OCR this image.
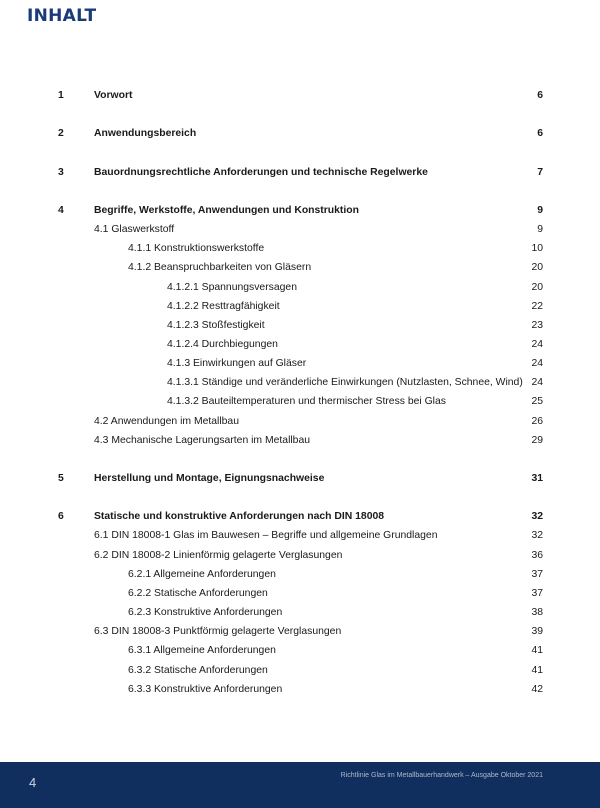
INHALT
1	Vorwort	6
2	Anwendungsbereich	6
3	Bauordnungsrechtliche Anforderungen und technische Regelwerke	7
4	Begriffe, Werkstoffe, Anwendungen und Konstruktion	9
4.1 Glaswerkstoff	9
4.1.1 Konstruktionswerkstoffe	10
4.1.2 Beanspruchbarkeiten von Gläsern	20
4.1.2.1 Spannungsversagen	20
4.1.2.2 Resttragfähigkeit	22
4.1.2.3 Stoßfestigkeit	23
4.1.2.4 Durchbiegungen	24
4.1.3 Einwirkungen auf Gläser	24
4.1.3.1 Ständige und veränderliche Einwirkungen (Nutzlasten, Schnee, Wind) 24
4.1.3.2 Bauteiltemperaturen und thermischer Stress bei Glas	25
4.2 Anwendungen im Metallbau	26
4.3 Mechanische Lagerungsarten im Metallbau	29
5	Herstellung und Montage, Eignungsnachweise	31
6	Statische und konstruktive Anforderungen nach DIN 18008	32
6.1 DIN 18008-1 Glas im Bauwesen – Begriffe und allgemeine Grundlagen	32
6.2 DIN 18008-2 Linienförmig gelagerte Verglasungen	36
6.2.1 Allgemeine Anforderungen	37
6.2.2 Statische Anforderungen	37
6.2.3 Konstruktive Anforderungen	38
6.3 DIN 18008-3 Punktförmig gelagerte Verglasungen	39
6.3.1 Allgemeine Anforderungen	41
6.3.2 Statische Anforderungen	41
6.3.3 Konstruktive Anforderungen	42
4	Richtlinie Glas im Metallbauerhandwerk – Ausgabe Oktober 2021
